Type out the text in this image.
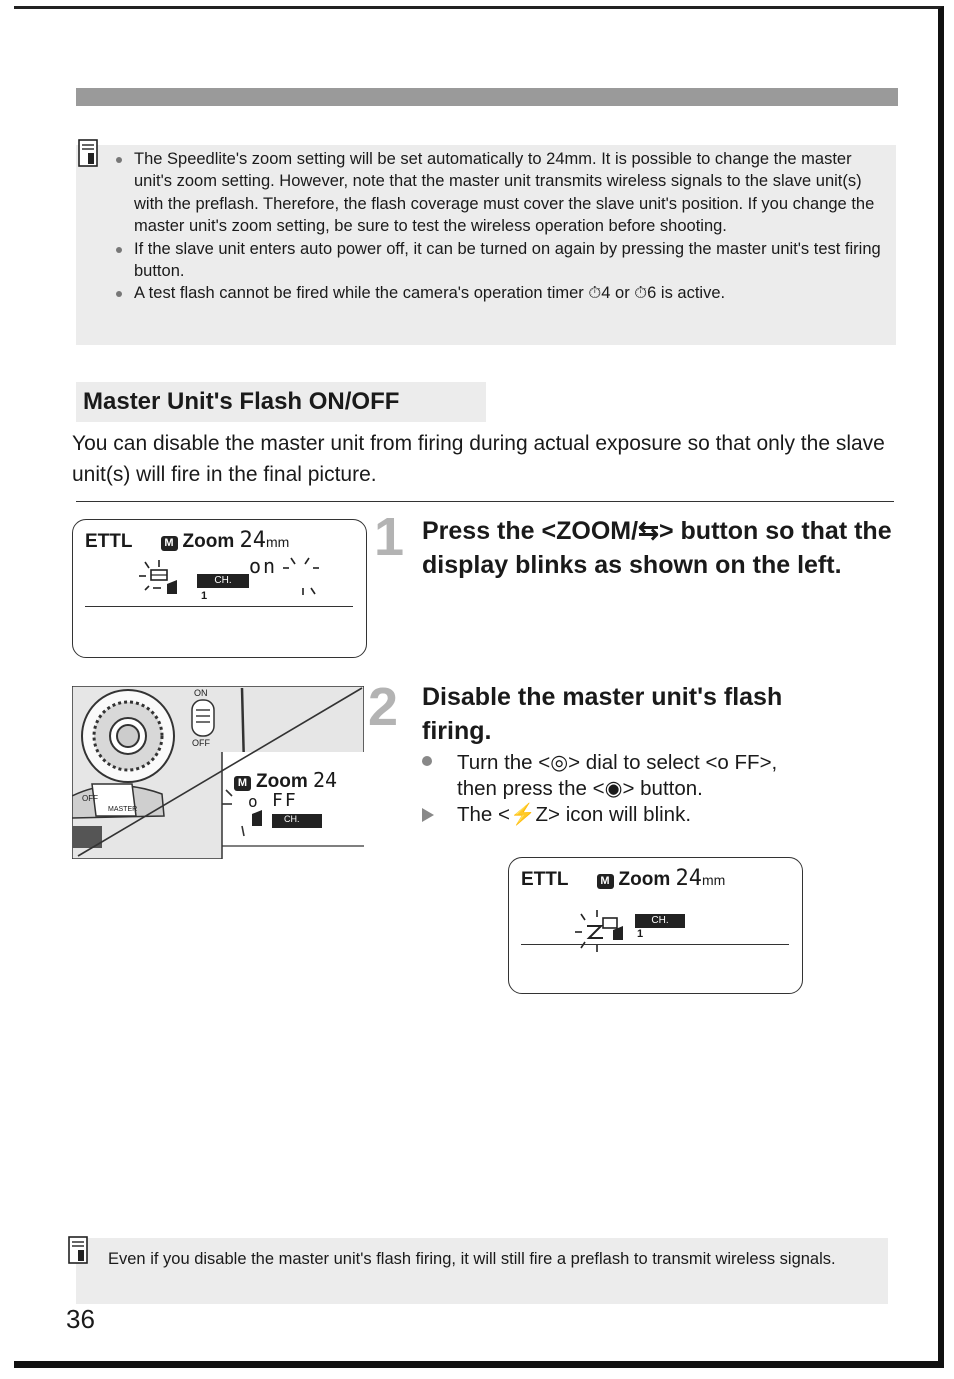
The Speedlite's zoom setting will be set automatically to 24mm. It is possible to change the master unit's zoom setting. However, note that the master unit transmits wireless signals to the slave unit(s) with the preflash. Therefore, the flash coverage must cover the slave unit's position. If you change the master unit's zoom setting, be sure to test the wireless operation before shooting.
If the slave unit enters auto power off, it can be turned on again by pressing the master unit's test firing button.
A test flash cannot be fired while the camera's operation timer ⏱4 or ⏱6 is active.
Master Unit's Flash ON/OFF

You can disable the master unit from firing during actual exposure so that only the slave unit(s) will fire in the final picture.

ETTL	M Zoom 24mm
on
CH.
1
1 Press the <ZOOM/⇆> button so that the display blinks as shown on the left.
ON
OFF
OFF
MASTER
M Zoom 24
o FF
CH.
2 Disable the master unit's flash firing.

Turn the <◎> dial to select <o FF>,

then press the <◉> button.

The <⚡Z> icon will blink.

ETTL	M Zoom 24mm
CH.
1

Even if you disable the master unit's flash firing, it will still fire a preflash to transmit wireless signals.

36
